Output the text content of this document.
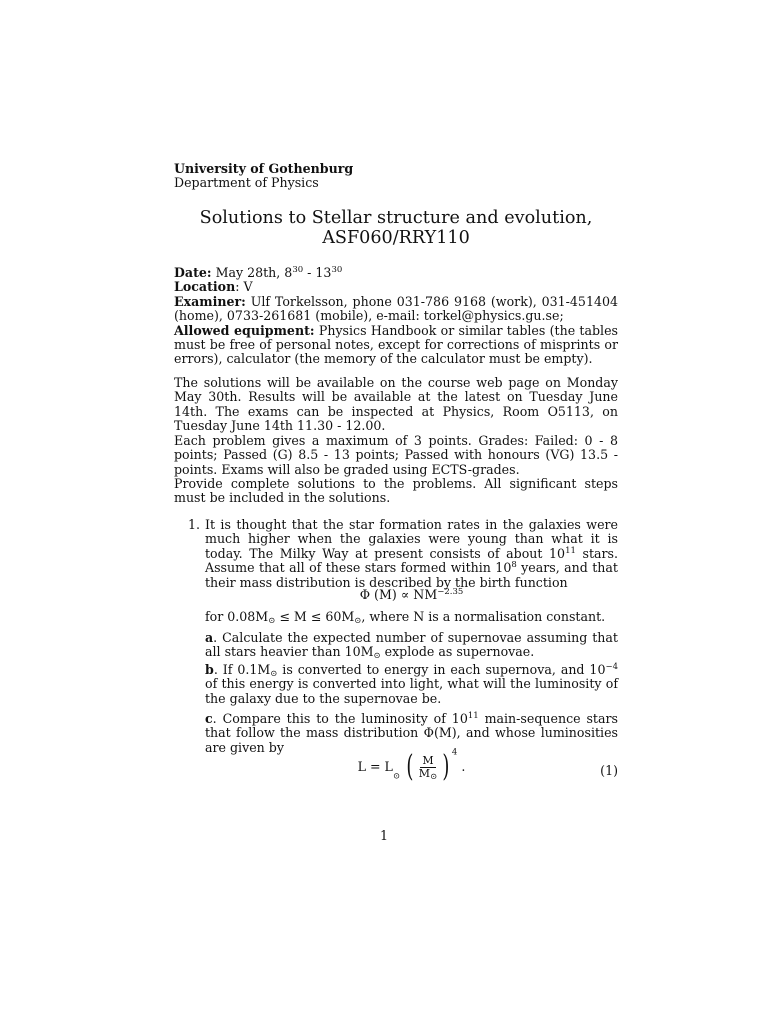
University of Gothenburg
Department of Physics
Solutions to Stellar structure and evolution,
ASF060/RRY110
Date: May 28th, $8^{30} - 13^{30}$
Location: V
Examiner: Ulf Torkelsson, phone 031-786 9168 (work), 031-451404 (home), 0733-261681 (mobile), e-mail: torkel@physics.gu.se;
Allowed equipment: Physics Handbook or similar tables (the tables must be free of personal notes, except for corrections of misprints or errors), calculator (the memory of the calculator must be empty).
The solutions will be available on the course web page on Monday May 30th. Results will be available at the latest on Tuesday June 14th. The exams can be inspected at Physics, Room O5113, on Tuesday June 14th 11.30 - 12.00.
Each problem gives a maximum of 3 points. Grades: Failed: 0 - 8 points; Passed (G) 8.5 - 13 points; Passed with honours (VG) 13.5 - points. Exams will also be graded using ECTS-grades.
Provide complete solutions to the problems. All significant steps must be included in the solutions.
1. It is thought that the star formation rates in the galaxies were much higher when the galaxies were young than what it is today. The Milky Way at present consists of about $10^{11}$ stars. Assume that all of these stars formed within $10^8$ years, and that their mass distribution is described by the birth function
Φ $(M) \propto NM^{-2.35}$
for $0.08M_⊙ \le M \le 60M_⊙$, where N is a normalisation constant.
a. Calculate the expected number of supernovae assuming that all stars heavier than $10M_⊙$ explode as supernovae.
b. If $0.1M_⊙$ is converted to energy in each supernova, and $10^{-4}$ of this energy is converted into light, what will the luminosity of the galaxy due to the supernovae be.
c. Compare this to the luminosity of $10^{11}$ main-sequence stars that follow the mass distribution Φ(M), and whose luminosities are given by
$L = L_⊙$ ( $\frac{M}{M_⊙}$ ) $^4$ .	(1)
1
